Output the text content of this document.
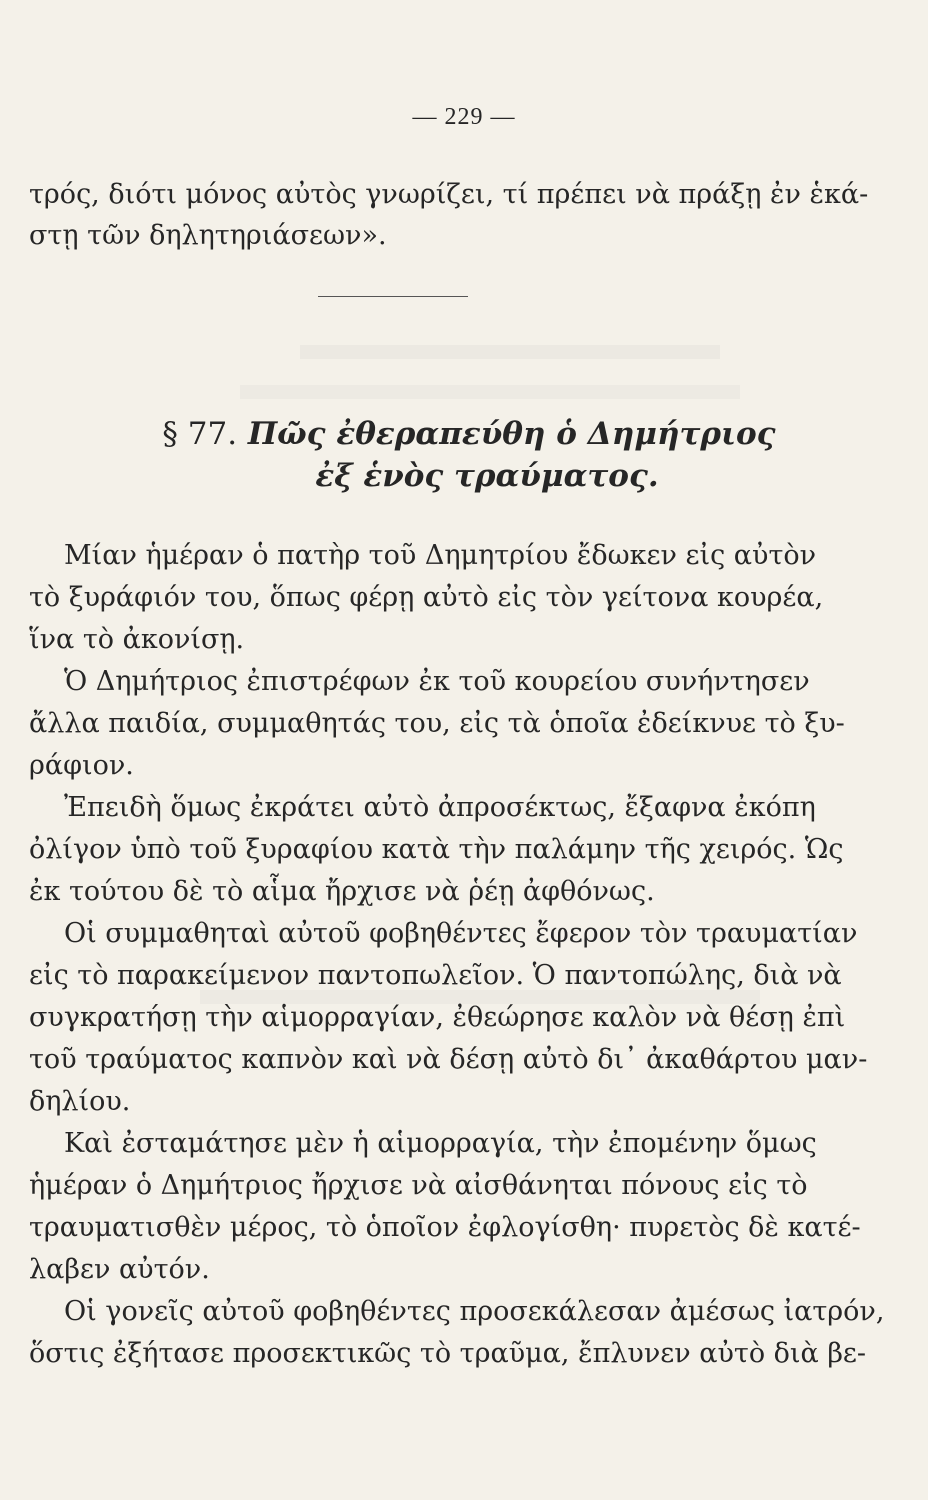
— 229 —
τρός, διότι μόνος αὐτὸς γνωρίζει, τί πρέπει νὰ πράξῃ ἐν ἑκά-
στῃ τῶν δηλητηριάσεων».
§ 77. Πῶς ἐθεραπεύθη ὁ Δημήτριος
ἐξ ἑνὸς τραύματος.
Μίαν ἡμέραν ὁ πατὴρ τοῦ Δημητρίου ἔδωκεν εἰς αὐτὸν
τὸ ξυράφιόν του, ὅπως φέρῃ αὐτὸ εἰς τὸν γείτονα κουρέα,
ἵνα τὸ ἀκονίσῃ.
Ὁ Δημήτριος ἐπιστρέφων ἐκ τοῦ κουρείου συνήντησεν
ἄλλα παιδία, συμμαθητάς του, εἰς τὰ ὁποῖα ἐδείκνυε τὸ ξυ-
ράφιον.
Ἐπειδὴ ὅμως ἐκράτει αὐτὸ ἀπροσέκτως, ἔξαφνα ἐκόπη
ὀλίγον ὑπὸ τοῦ ξυραφίου κατὰ τὴν παλάμην τῆς χειρός. Ὡς
ἐκ τούτου δὲ τὸ αἷμα ἤρχισε νὰ ῥέῃ ἀφθόνως.
Οἱ συμμαθηταὶ αὐτοῦ φοβηθέντες ἔφερον τὸν τραυματίαν
εἰς τὸ παρακείμενον παντοπωλεῖον. Ὁ παντοπώλης, διὰ νὰ
συγκρατήσῃ τὴν αἱμορραγίαν, ἐθεώρησε καλὸν νὰ θέσῃ ἐπὶ
τοῦ τραύματος καπνὸν καὶ νὰ δέσῃ αὐτὸ δι᾽ ἀκαθάρτου μαν-
δηλίου.
Καὶ ἐσταμάτησε μὲν ἡ αἱμορραγία, τὴν ἐπομένην ὅμως
ἡμέραν ὁ Δημήτριος ἤρχισε νὰ αἰσθάνηται πόνους εἰς τὸ
τραυματισθὲν μέρος, τὸ ὁποῖον ἐφλογίσθη· πυρετὸς δὲ κατέ-
λαβεν αὐτόν.
Οἱ γονεῖς αὐτοῦ φοβηθέντες προσεκάλεσαν ἀμέσως ἰατρόν,
ὅστις ἐξήτασε προσεκτικῶς τὸ τραῦμα, ἔπλυνεν αὐτὸ διὰ βε-
